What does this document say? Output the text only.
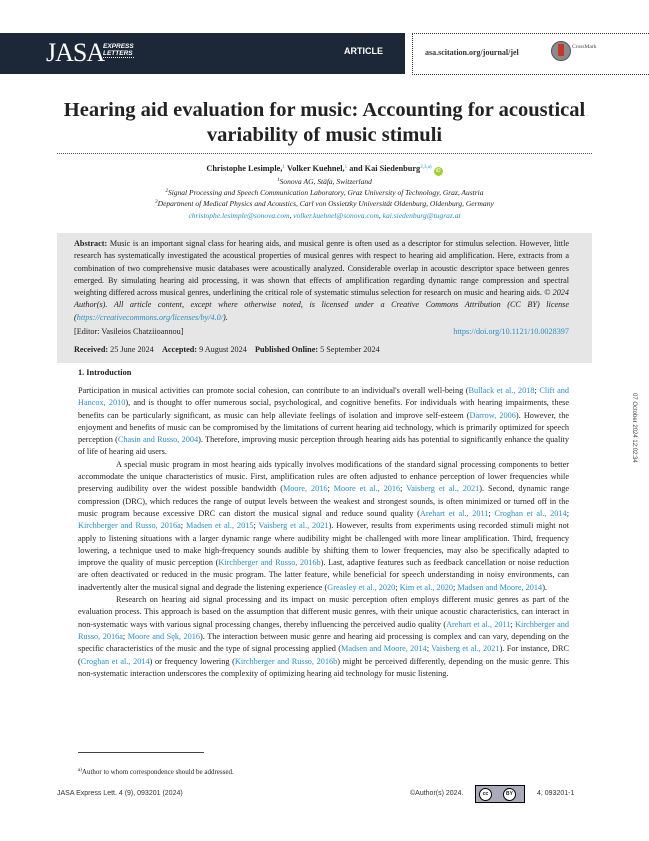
JASA
EXPRESS
LETTERS	ARTICLE	asa.scitation.org/journal/jel
CrossMark
Hearing aid evaluation for music: Accounting for acoustical variability of music stimuli
Christophe Lesimple,$^1$ Volker Kuehnel,$^1$ and Kai Siedenburg$^{2,3,a)}$ iD
$^1$Sonova AG, Stäfa, Switzerland
$^2$Signal Processing and Speech Communication Laboratory, Graz University of Technology, Graz, Austria
$^3$Department of Medical Physics and Acoustics, Carl von Ossietzky Universität Oldenburg, Oldenburg, Germany
christophe.lesimple@sonova.com, volker.kuehnel@sonova.com, kai.siedenburg@tugraz.at
Abstract: Music is an important signal class for hearing aids, and musical genre is often used as a descriptor for stimulus selection. However, little research has systematically investigated the acoustical properties of musical genres with respect to hearing aid amplification. Here, extracts from a combination of two comprehensive music databases were acoustically analyzed. Considerable overlap in acoustic descriptor space between genres emerged. By simulating hearing aid processing, it was shown that effects of amplification regarding dynamic range compression and spectral weighting differed across musical genres, underlining the critical role of systematic stimulus selection for research on music and hearing aids. © 2024 Author(s). All article content, except where otherwise noted, is licensed under a Creative Commons Attribution (CC BY) license (https://creativecommons.org/licenses/by/4.0/).
[Editor: Vasileios Chatziioannou]	https://doi.org/10.1121/10.0028397
Received: 25 June 2024 Accepted: 9 August 2024 Published Online: 5 September 2024
1. Introduction

Participation in musical activities can promote social cohesion, can contribute to an individual's overall well-being (Bullack et al., 2018; Clift and Hancox, 2010), and is thought to offer numerous social, psychological, and cognitive benefits. For individuals with hearing impairments, these benefits can be particularly significant, as music can help alleviate feelings of isolation and improve self-esteem (Darrow, 2006). However, the enjoyment and benefits of music can be compromised by the limitations of current hearing aid technology, which is primarily optimized for speech perception (Chasin and Russo, 2004). Therefore, improving music perception through hearing aids has potential to significantly enhance the quality of life of hearing aid users.

A special music program in most hearing aids typically involves modifications of the standard signal processing components to better accommodate the unique characteristics of music. First, amplification rules are often adjusted to enhance perception of lower frequencies while preserving audibility over the widest possible bandwidth (Moore, 2016; Moore et al., 2016; Vaisberg et al., 2021). Second, dynamic range compression (DRC), which reduces the range of output levels between the weakest and strongest sounds, is often minimized or turned off in the music program because excessive DRC can distort the musical signal and reduce sound quality (Arehart et al., 2011; Croghan et al., 2014; Kirchberger and Russo, 2016a; Madsen et al., 2015; Vaisberg et al., 2021). However, results from experiments using recorded stimuli might not apply to listening situations with a larger dynamic range where audibility might be challenged with more linear amplification. Third, frequency lowering, a technique used to make high-frequency sounds audible by shifting them to lower frequencies, may also be specifically adapted to improve the quality of music perception (Kirchberger and Russo, 2016b). Last, adaptive features such as feedback cancellation or noise reduction are often deactivated or reduced in the music program. The latter feature, while beneficial for speech understanding in noisy environments, can inadvertently alter the musical signal and degrade the listening experience (Greasley et al., 2020; Kim et al., 2020; Madsen and Moore, 2014).

Research on hearing aid signal processing and its impact on music perception often employs different music genres as part of the evaluation process. This approach is based on the assumption that different music genres, with their unique acoustic characteristics, can interact in non-systematic ways with various signal processing changes, thereby influencing the perceived audio quality (Arehart et al., 2011; Kirchberger and Russo, 2016a; Moore and Sęk, 2016). The interaction between music genre and hearing aid processing is complex and can vary, depending on the specific characteristics of the music and the type of signal processing applied (Madsen and Moore, 2014; Vaisberg et al., 2021). For instance, DRC (Croghan et al., 2014) or frequency lowering (Kirchberger and Russo, 2016b) might be perceived differently, depending on the music genre. This non-systematic interaction underscores the complexity of optimizing hearing aid technology for music listening.

$^{a)}$Author to whom correspondence should be addressed.
JASA Express Lett. 4 (9), 093201 (2024)	©Author(s) 2024.	cc	BY	4, 093201-1
07 October 2024 12:02:34
